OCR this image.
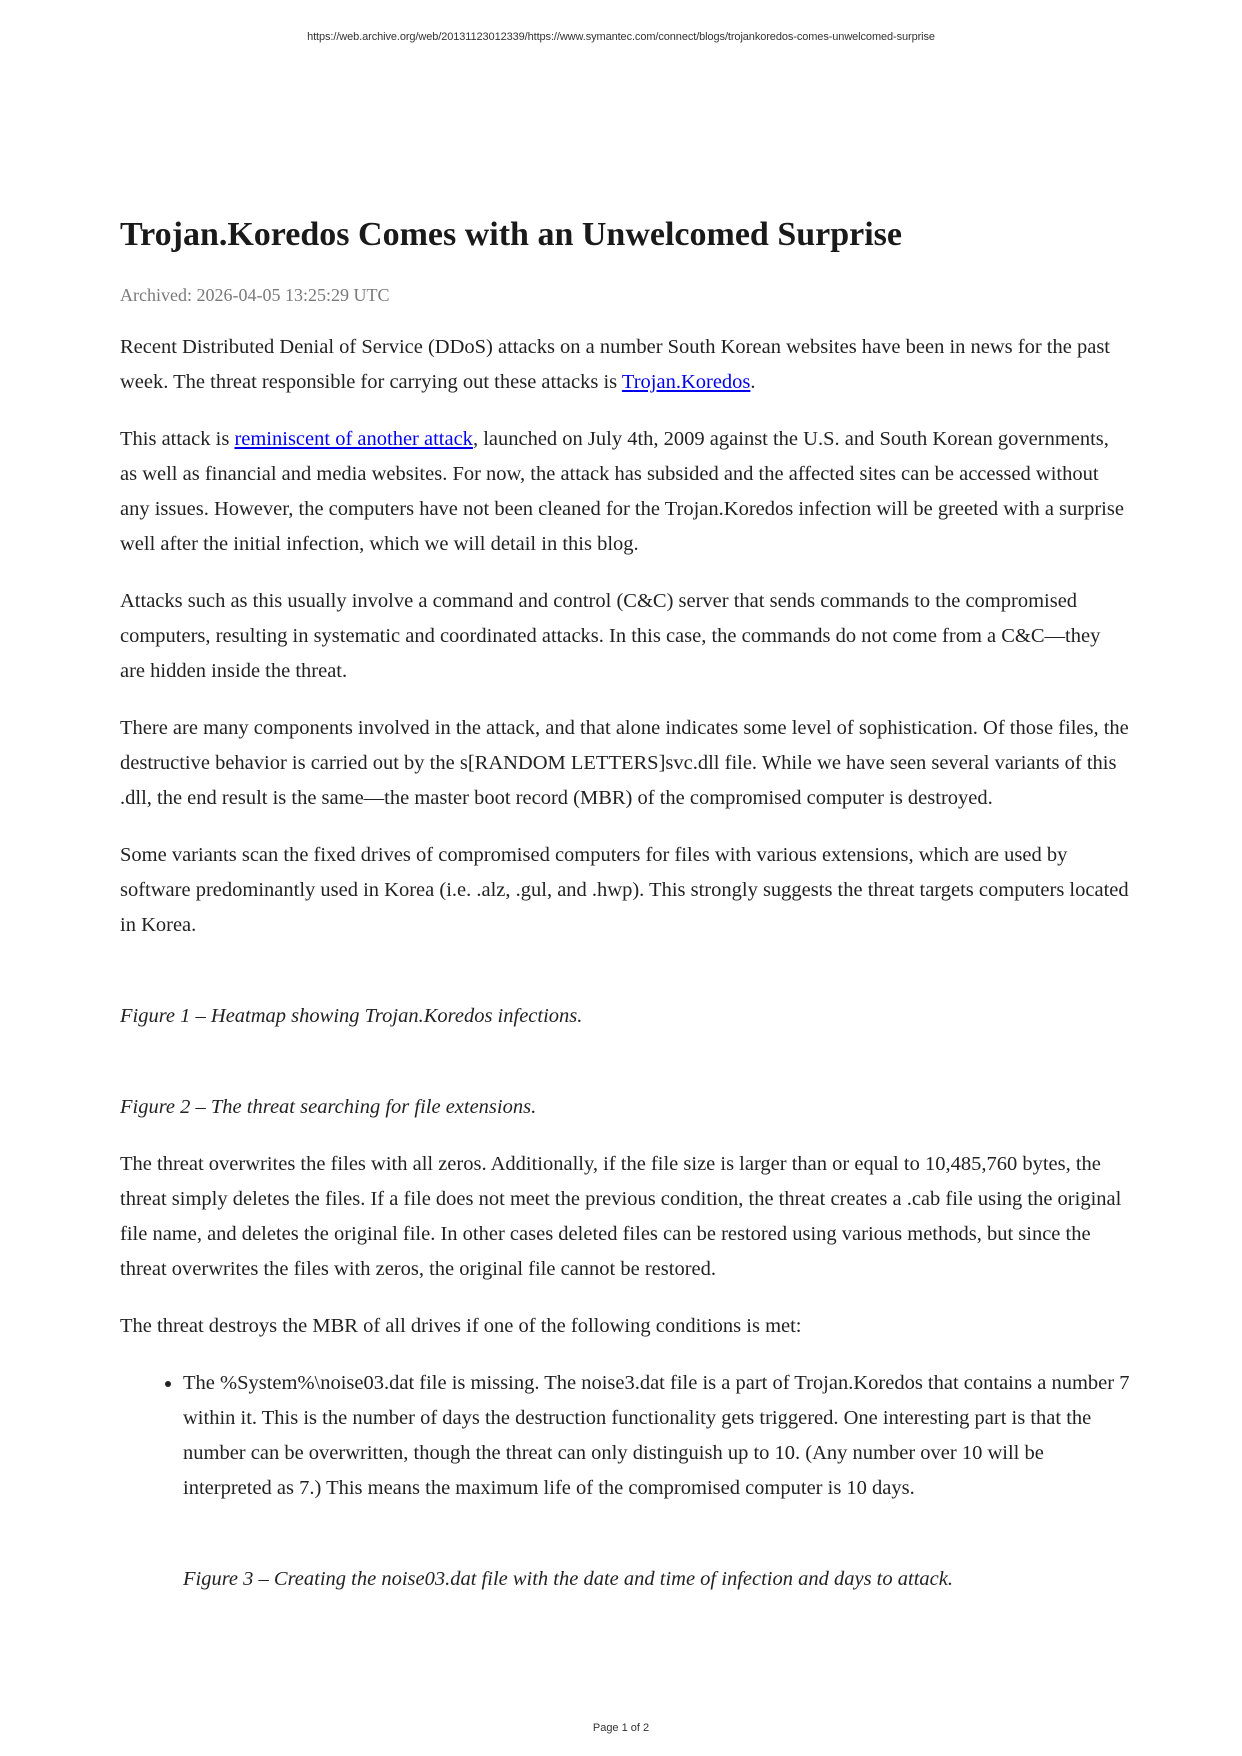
https://web.archive.org/web/20131123012339/https://www.symantec.com/connect/blogs/trojankoredos-comes-unwelcomed-surprise
Trojan.Koredos Comes with an Unwelcomed Surprise
Archived: 2026-04-05 13:25:29 UTC

Recent Distributed Denial of Service (DDoS) attacks on a number South Korean websites have been in news for the past week. The threat responsible for carrying out these attacks is Trojan.Koredos.

This attack is reminiscent of another attack, launched on July 4th, 2009 against the U.S. and South Korean governments, as well as financial and media websites. For now, the attack has subsided and the affected sites can be accessed without any issues. However, the computers have not been cleaned for the Trojan.Koredos infection will be greeted with a surprise well after the initial infection, which we will detail in this blog.

Attacks such as this usually involve a command and control (C&C) server that sends commands to the compromised computers, resulting in systematic and coordinated attacks. In this case, the commands do not come from a C&C—they are hidden inside the threat.

There are many components involved in the attack, and that alone indicates some level of sophistication. Of those files, the destructive behavior is carried out by the s[RANDOM LETTERS]svc.dll file. While we have seen several variants of this .dll, the end result is the same—the master boot record (MBR) of the compromised computer is destroyed.

Some variants scan the fixed drives of compromised computers for files with various extensions, which are used by software predominantly used in Korea (i.e. .alz, .gul, and .hwp). This strongly suggests the threat targets computers located in Korea.

Figure 1 – Heatmap showing Trojan.Koredos infections.
Figure 2 – The threat searching for file extensions.

The threat overwrites the files with all zeros. Additionally, if the file size is larger than or equal to 10,485,760 bytes, the threat simply deletes the files. If a file does not meet the previous condition, the threat creates a .cab file using the original file name, and deletes the original file. In other cases deleted files can be restored using various methods, but since the threat overwrites the files with zeros, the original file cannot be restored.

The threat destroys the MBR of all drives if one of the following conditions is met:

• The %System%\noise03.dat file is missing. The noise3.dat file is a part of Trojan.Koredos that contains a number 7 within it. This is the number of days the destruction functionality gets triggered. One interesting part is that the number can be overwritten, though the threat can only distinguish up to 10. (Any number over 10 will be interpreted as 7.) This means the maximum life of the compromised computer is 10 days.
Figure 3 – Creating the noise03.dat file with the date and time of infection and days to attack.
Page 1 of 2
